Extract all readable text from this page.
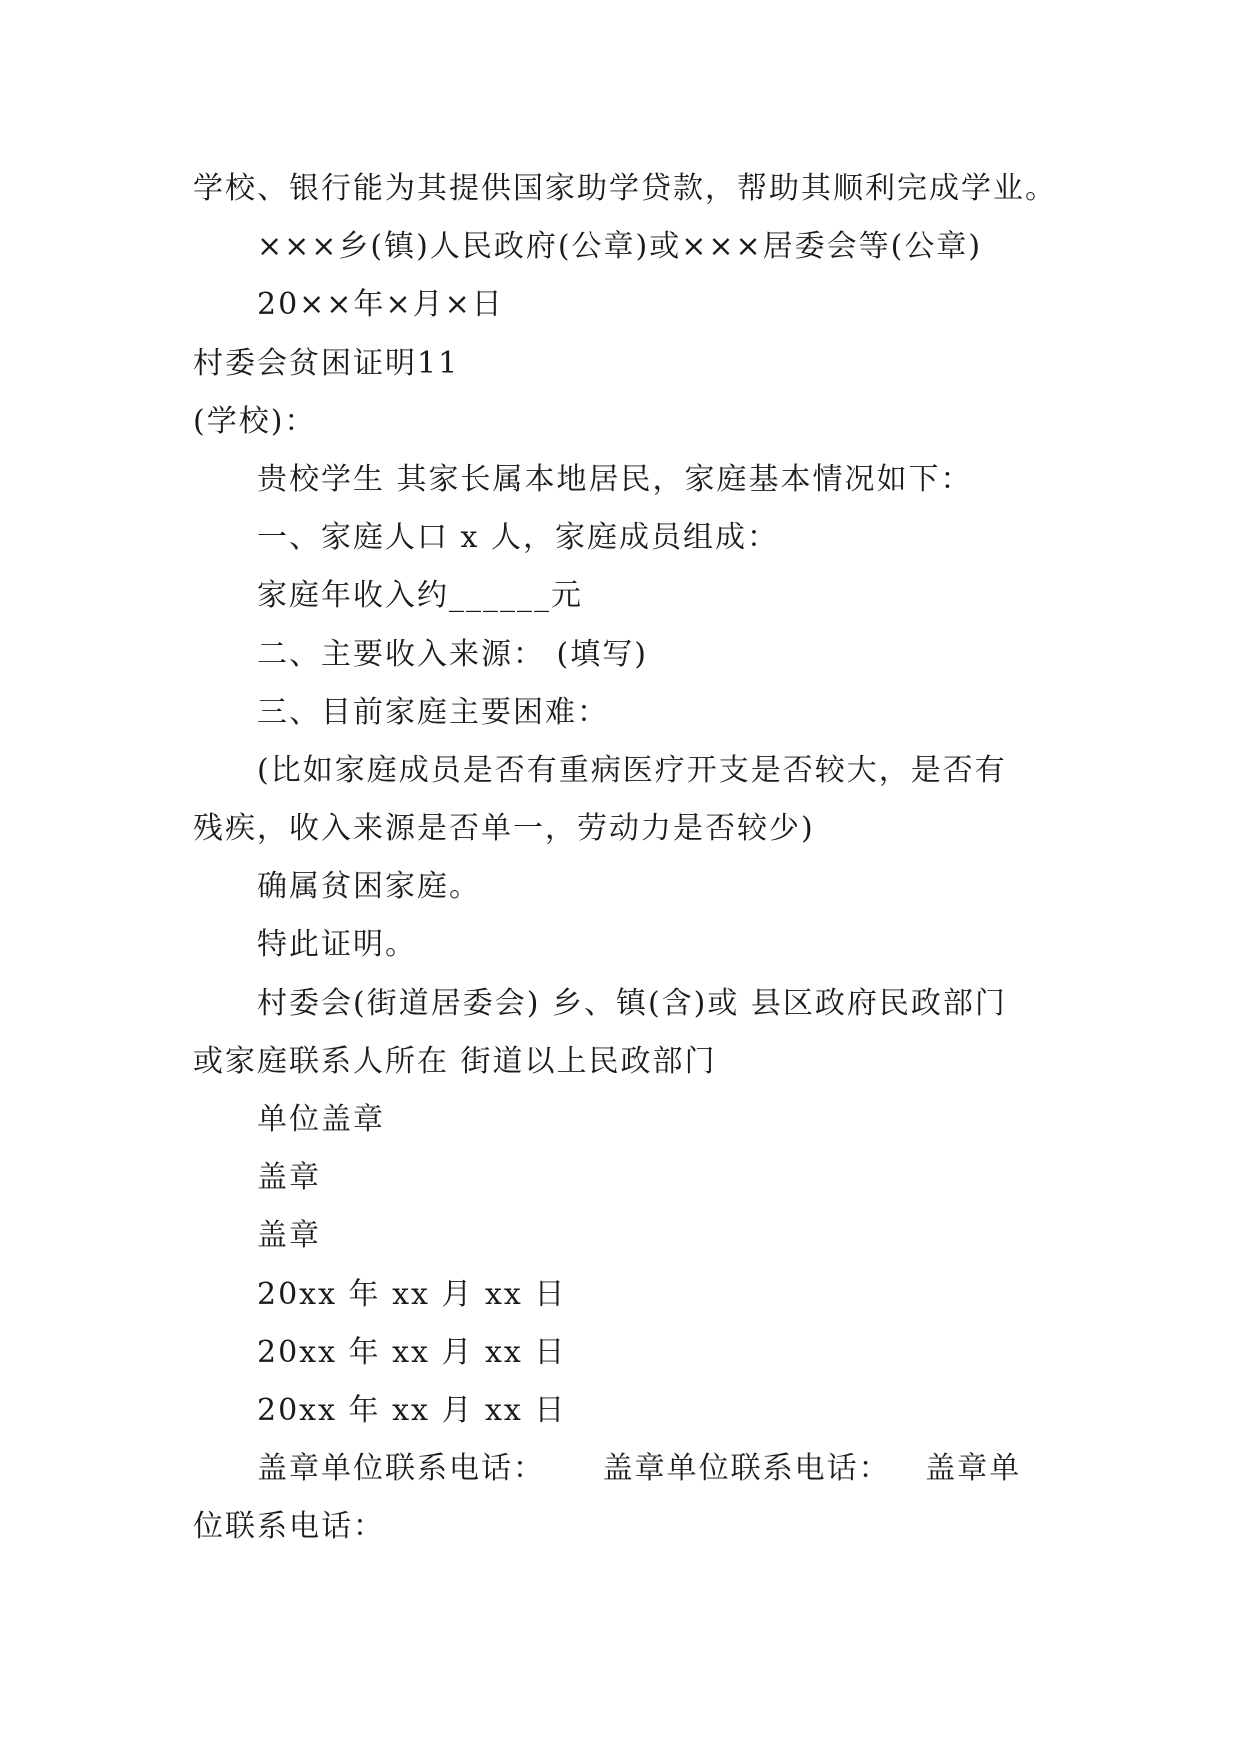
学校、银行能为其提供国家助学贷款，帮助其顺利完成学业。
×××乡(镇)人民政府(公章)或×××居委会等(公章)
20××年×月×日
村委会贫困证明11
(学校)：
贵校学生 其家长属本地居民，家庭基本情况如下：
一、家庭人口 x 人，家庭成员组成：
家庭年收入约______元
二、主要收入来源： (填写)
三、目前家庭主要困难：
(比如家庭成员是否有重病医疗开支是否较大，是否有
残疾，收入来源是否单一，劳动力是否较少)
确属贫困家庭。
特此证明。
村委会(街道居委会) 乡、镇(含)或 县区政府民政部门
或家庭联系人所在 街道以上民政部门
单位盖章
盖章
盖章
20xx 年 xx 月 xx 日
20xx 年 xx 月 xx 日
20xx 年 xx 月 xx 日
盖章单位联系电话：     盖章单位联系电话：   盖章单
位联系电话：
